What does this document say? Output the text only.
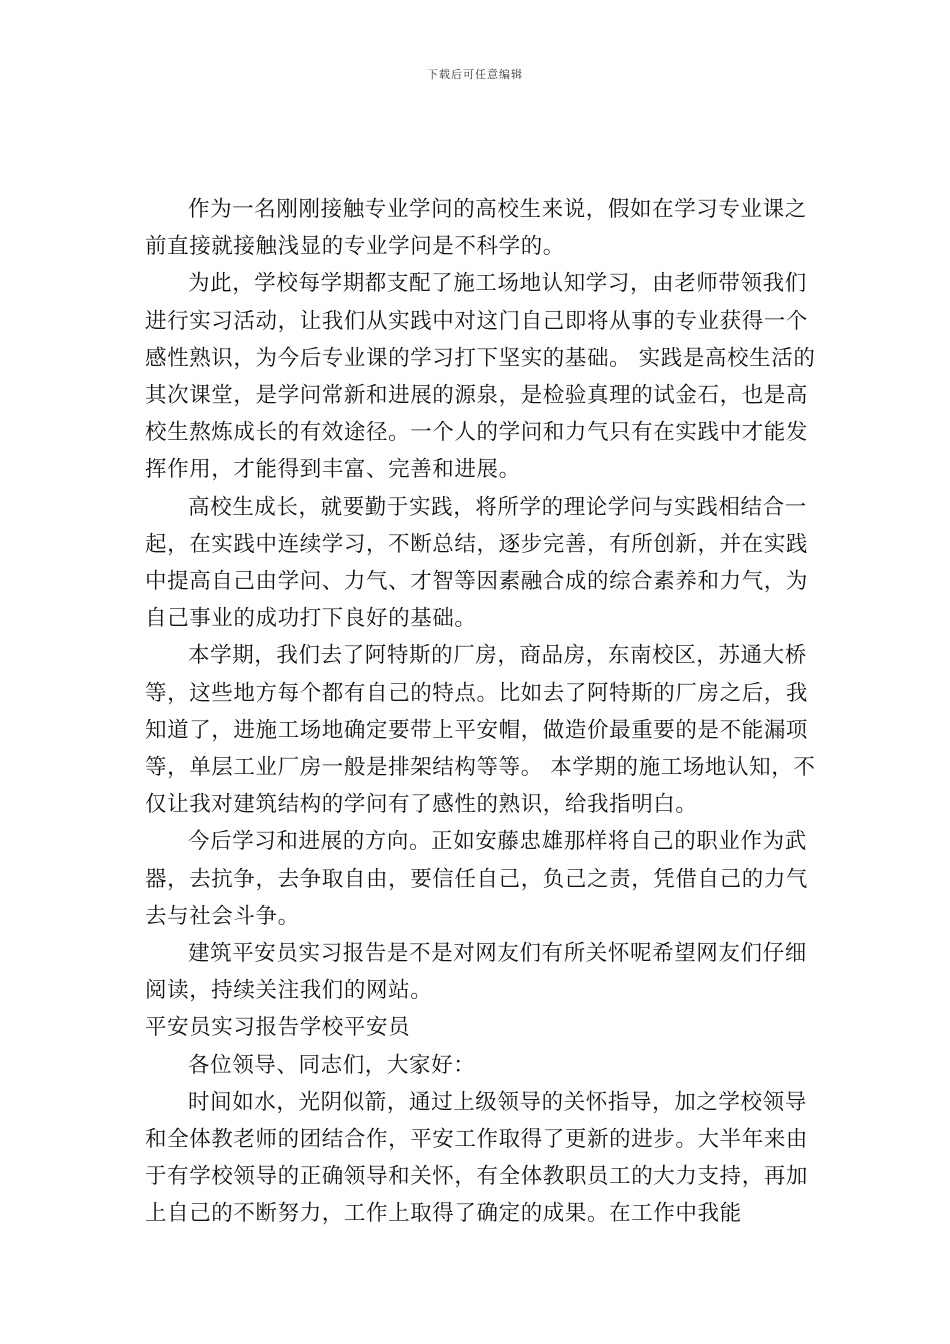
下载后可任意编辑
作为一名刚刚接触专业学问的高校生来说，假如在学习专业课之前直接就接触浅显的专业学问是不科学的。
为此，学校每学期都支配了施工场地认知学习，由老师带领我们进行实习活动，让我们从实践中对这门自己即将从事的专业获得一个感性熟识，为今后专业课的学习打下坚实的基础。 实践是高校生活的其次课堂，是学问常新和进展的源泉，是检验真理的试金石，也是高校生熬炼成长的有效途径。一个人的学问和力气只有在实践中才能发挥作用，才能得到丰富、完善和进展。
高校生成长，就要勤于实践，将所学的理论学问与实践相结合一起，在实践中连续学习，不断总结，逐步完善，有所创新，并在实践中提高自己由学问、力气、才智等因素融合成的综合素养和力气，为自己事业的成功打下良好的基础。
本学期，我们去了阿特斯的厂房，商品房，东南校区，苏通大桥等，这些地方每个都有自己的特点。比如去了阿特斯的厂房之后，我知道了，进施工场地确定要带上平安帽，做造价最重要的是不能漏项等，单层工业厂房一般是排架结构等等。 本学期的施工场地认知，不仅让我对建筑结构的学问有了感性的熟识，给我指明白。
今后学习和进展的方向。正如安藤忠雄那样将自己的职业作为武器，去抗争，去争取自由，要信任自己，负己之责，凭借自己的力气去与社会斗争。
建筑平安员实习报告是不是对网友们有所关怀呢希望网友们仔细阅读，持续关注我们的网站。
平安员实习报告学校平安员
各位领导、同志们，大家好：
时间如水，光阴似箭，通过上级领导的关怀指导，加之学校领导和全体教老师的团结合作，平安工作取得了更新的进步。大半年来由于有学校领导的正确领导和关怀，有全体教职员工的大力支持，再加上自己的不断努力，工作上取得了确定的成果。在工作中我能
